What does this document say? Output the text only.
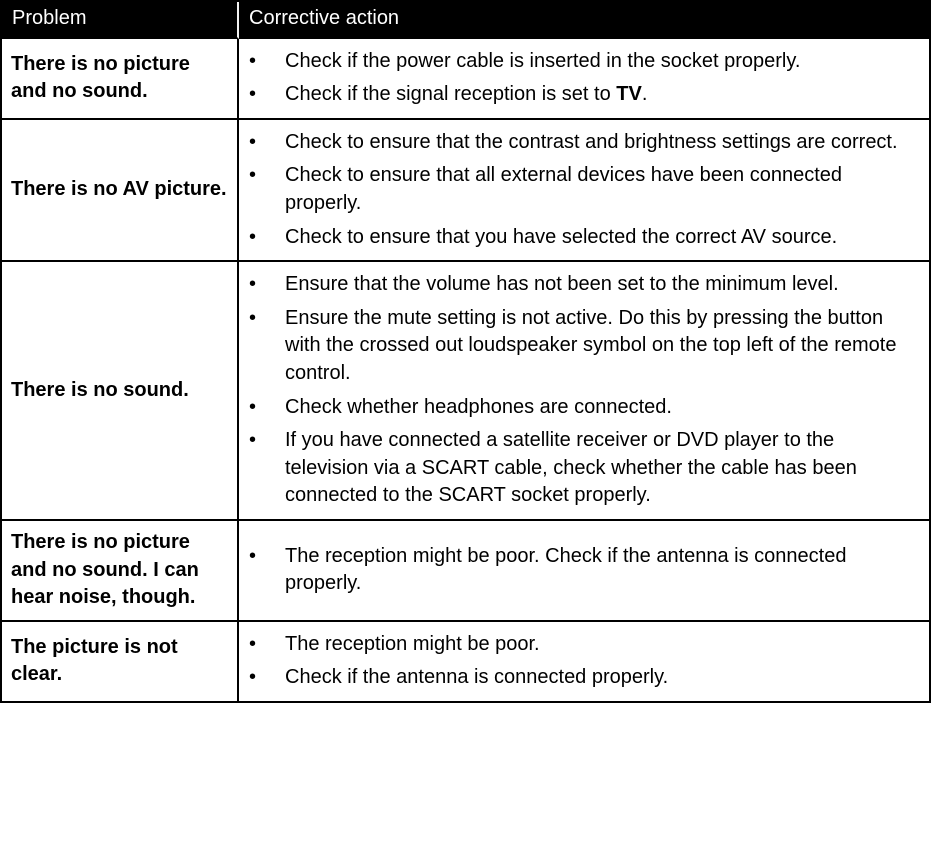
Problem	Corrective action
There is no picture and no sound.	
•	Check if the power cable is inserted in the socket properly.
•	Check if the signal reception is set to TV.

There is no AV picture.	
•	Check to ensure that the contrast and brightness settings are correct.
•	Check to ensure that all external devices have been connected properly.
•	Check to ensure that you have selected the correct AV source.

There is no sound.	
•	Ensure that the volume has not been set to the minimum level.
•	Ensure the mute setting is not active. Do this by pressing the button with the crossed out loudspeaker symbol on the top left of the remote control.
•	Check whether headphones are connected.
•	If you have connected a satellite receiver or DVD player to the television via a SCART cable, check whether the cable has been connected to the SCART socket properly.

There is no picture and no sound. I can hear noise, though.	
•	The reception might be poor. Check if the antenna is connected properly.

The picture is not clear.	
•	The reception might be poor.
•	Check if the antenna is connected properly.
